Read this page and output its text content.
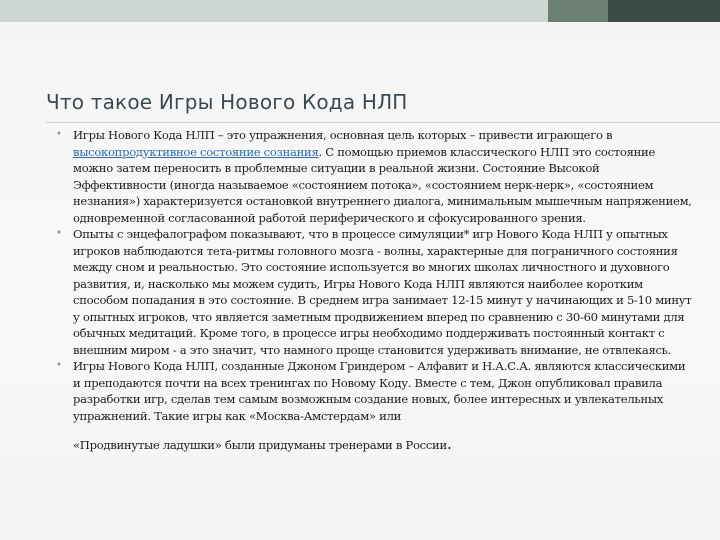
Что такое Игры Нового Кода НЛП
• Игры Нового Кода НЛП – это упражнения, основная цель которых – привести играющего в высокопродуктивное состояние сознания. С помощью приемов классического НЛП это состояние можно затем переносить в проблемные ситуации в реальной жизни. Состояние Высокой Эффективности (иногда называемое «состоянием потока», «состоянием нерк-нерк», «состоянием незнания») характеризуется остановкой внутреннего диалога, минимальным мышечным напряжением, одновременной согласованной работой периферического и сфокусированного зрения.
• Опыты с энцефалографом показывают, что в процессе симуляции* игр Нового Кода НЛП у опытных игроков наблюдаются тета-ритмы головного мозга - волны, характерные для пограничного состояния между сном и реальностью. Это состояние используется во многих школах личностного и духовного развития, и, насколько мы можем судить, Игры Нового Кода НЛП являются наиболее коротким способом попадания в это состояние. В среднем игра занимает 12-15 минут у начинающих и 5-10 минут у опытных игроков, что является заметным продвижением вперед по сравнению с 30-60 минутами для обычных медитаций. Кроме того, в процессе игры необходимо поддерживать постоянный контакт с внешним миром - а это значит, что намного проще становится удерживать внимание, не отвлекаясь.
• Игры Нового Кода НЛП, созданные Джоном Гриндером – Алфавит и Н.А.С.А. являются классическими и преподаются почти на всех тренингах по Новому Коду. Вместе с тем, Джон опубликовал правила разработки игр, сделав тем самым возможным создание новых, более интересных и увлекательных упражнений. Такие игры как «Москва-Амстердам» или
«Продвинутые ладушки» были придуманы тренерами в России.
